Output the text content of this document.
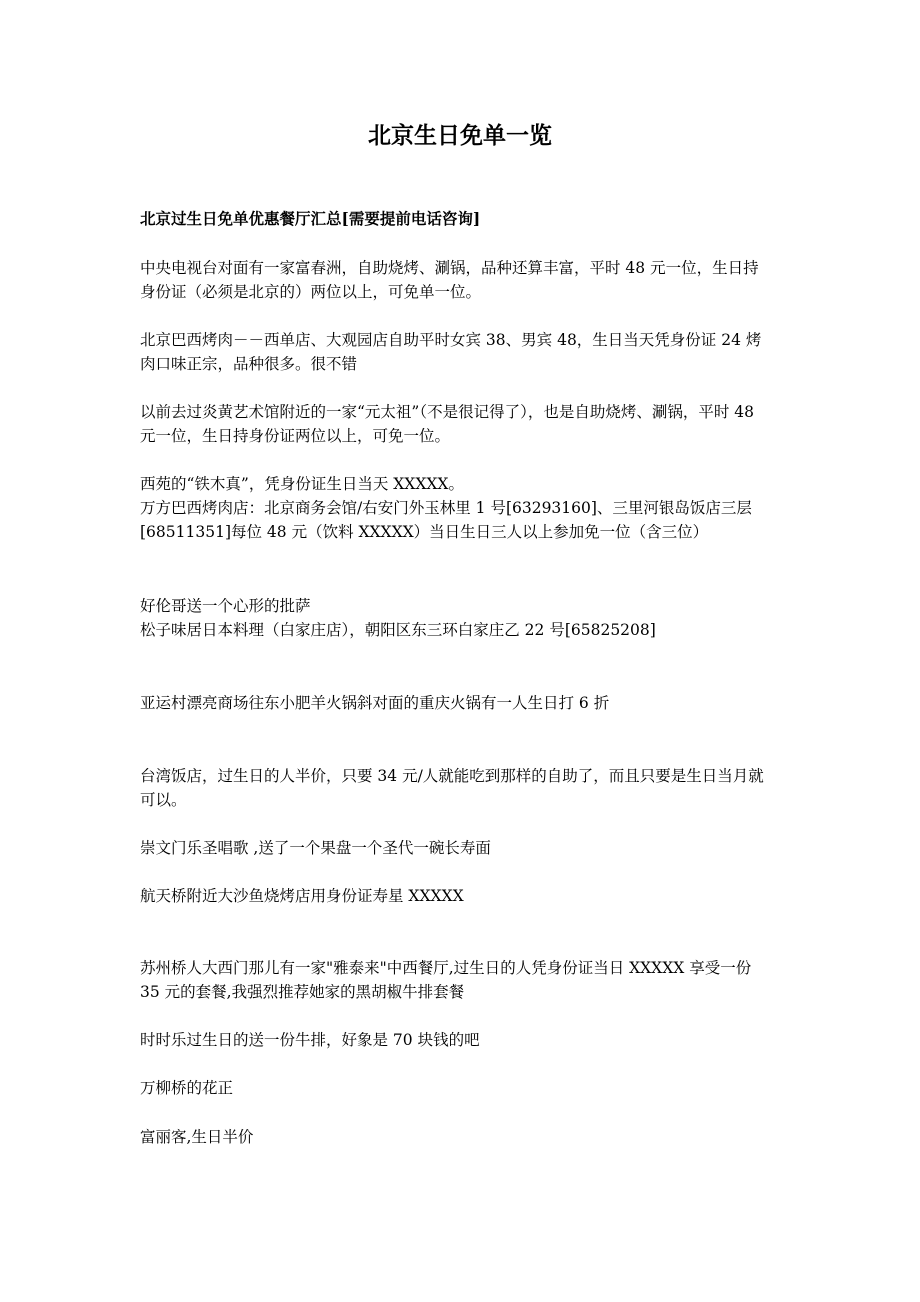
北京生日免单一览

北京过生日免单优惠餐厅汇总[需要提前电话咨询]

中央电视台对面有一家富春洲，自助烧烤、涮锅，品种还算丰富，平时 48 元一位，生日持
身份证（必须是北京的）两位以上，可免单一位。

北京巴西烤肉－－西单店、大观园店自助平时女宾 38、男宾 48，生日当天凭身份证 24 烤
肉口味正宗，品种很多。很不错

以前去过炎黄艺术馆附近的一家“元太祖”（不是很记得了），也是自助烧烤、涮锅，平时 48
元一位，生日持身份证两位以上，可免一位。

西苑的“铁木真”，凭身份证生日当天 XXXXX。
万方巴西烤肉店：北京商务会馆/右安门外玉林里 1 号[63293160]、三里河银岛饭店三层
[68511351]每位 48 元（饮料 XXXXX）当日生日三人以上参加免一位（含三位）

好伦哥送一个心形的批萨
松子味居日本料理（白家庄店），朝阳区东三环白家庄乙 22 号[65825208]

亚运村漂亮商场往东小肥羊火锅斜对面的重庆火锅有一人生日打 6 折

台湾饭店，过生日的人半价，只要 34 元/人就能吃到那样的自助了，而且只要是生日当月就
可以。

崇文门乐圣唱歌 ,送了一个果盘一个圣代一碗长寿面

航天桥附近大沙鱼烧烤店用身份证寿星 XXXXX

苏州桥人大西门那儿有一家"雅泰来"中西餐厅,过生日的人凭身份证当日 XXXXX 享受一份
35 元的套餐,我强烈推荐她家的黑胡椒牛排套餐

时时乐过生日的送一份牛排，好象是 70 块钱的吧

万柳桥的花正

富丽客,生日半价
